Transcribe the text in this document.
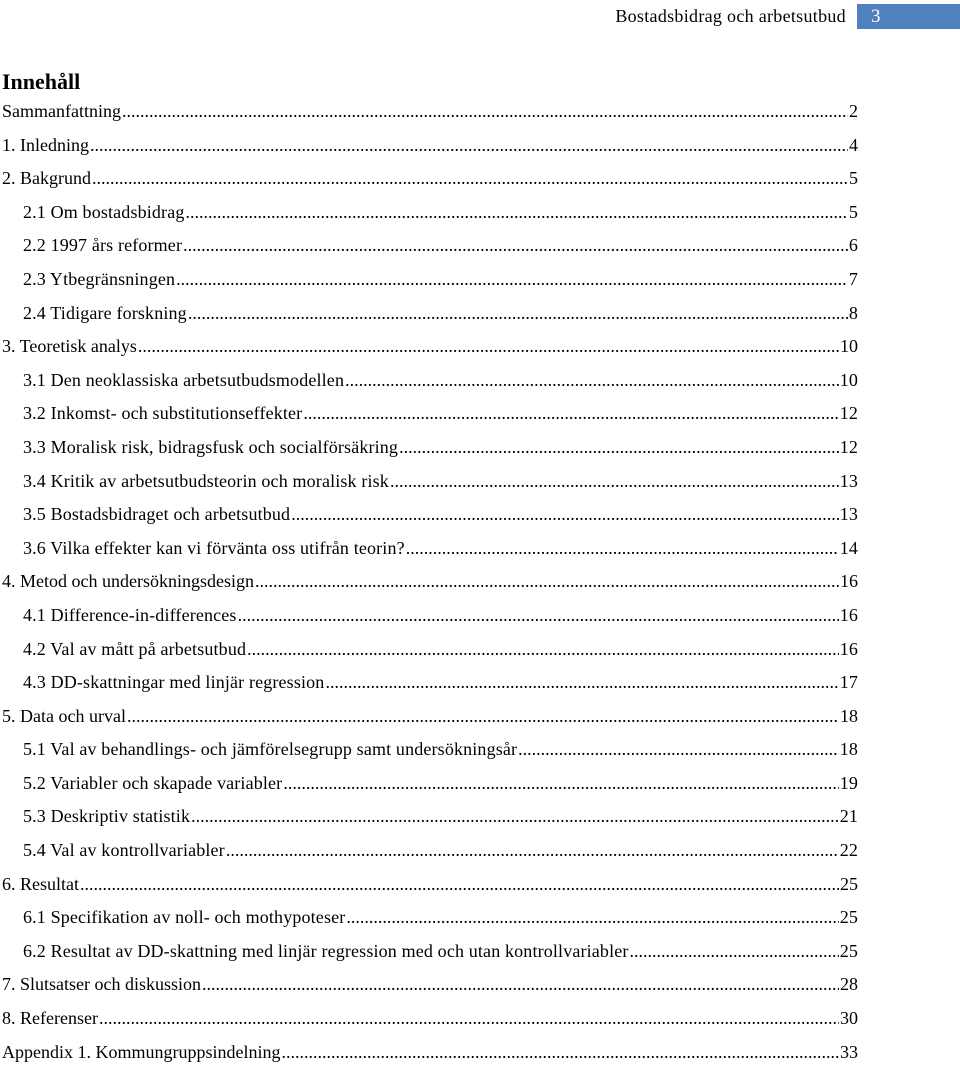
Bostadsbidrag och arbetsutbud	3
Innehåll
Sammanfattning .....	2
1. Inledning .....	4
2. Bakgrund .....	5
2.1 Om bostadsbidrag .....	5
2.2 1997 års reformer .....	6
2.3 Ytbegränsningen .....	7
2.4 Tidigare forskning .....	8
3. Teoretisk analys .....	10
3.1 Den neoklassiska arbetsutbudsmodellen .....	10
3.2 Inkomst- och substitutionseffekter .....	12
3.3 Moralisk risk, bidragsfusk och socialförsäkring .....	12
3.4 Kritik av arbetsutbudsteorin och moralisk risk .....	13
3.5 Bostadsbidraget och arbetsutbud .....	13
3.6 Vilka effekter kan vi förvänta oss utifrån teorin? .....	14
4. Metod och undersökningsdesign .....	16
4.1 Difference-in-differences .....	16
4.2 Val av mått på arbetsutbud .....	16
4.3 DD-skattningar med linjär regression .....	17
5. Data och urval .....	18
5.1 Val av behandlings- och jämförelsegrupp samt undersökningsår .....	18
5.2 Variabler och skapade variabler .....	19
5.3 Deskriptiv statistik .....	21
5.4 Val av kontrollvariabler .....	22
6. Resultat .....	25
6.1 Specifikation av noll- och mothypoteser .....	25
6.2 Resultat av DD-skattning med linjär regression med och utan kontrollvariabler .....	25
7. Slutsatser och diskussion .....	28
8. Referenser .....	30
Appendix 1. Kommungruppsindelning .....	33
